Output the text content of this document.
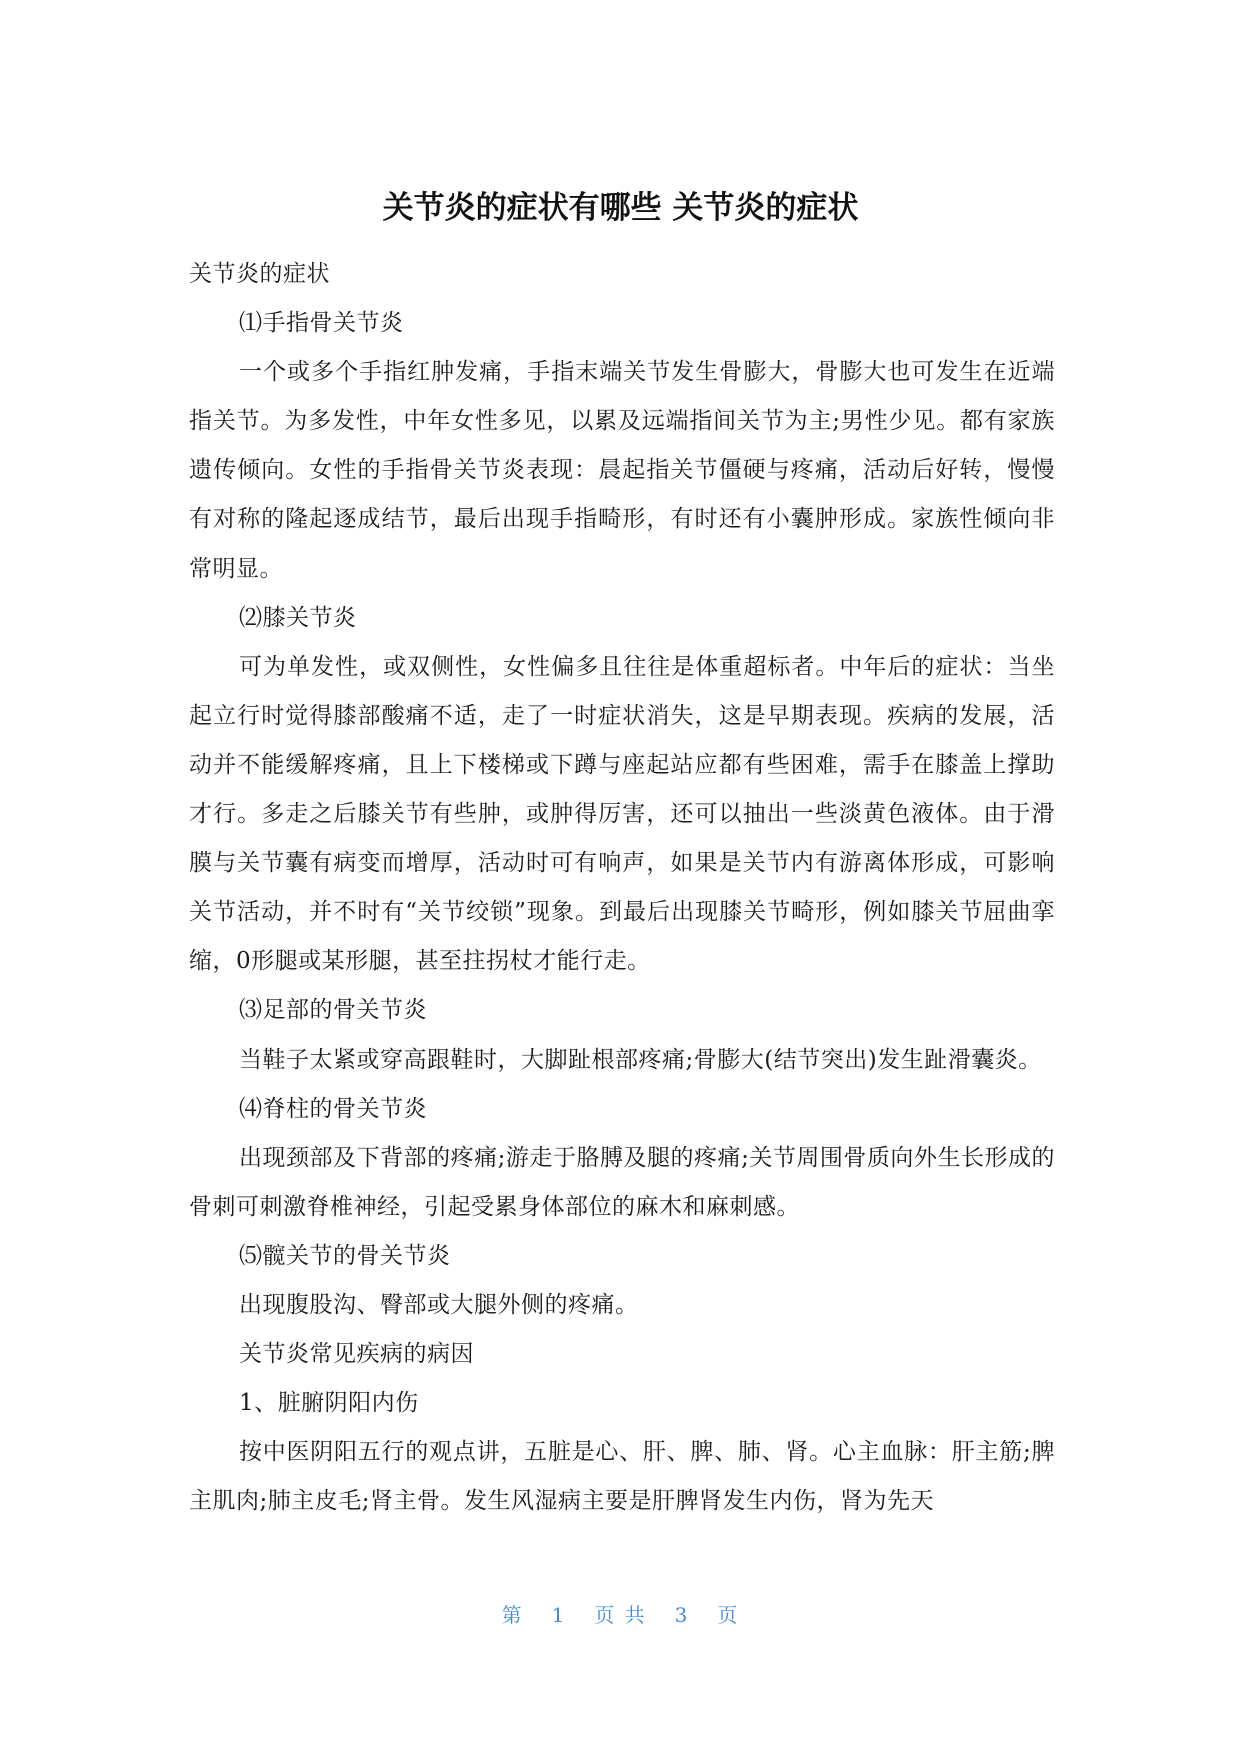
关节炎的症状有哪些 关节炎的症状

关节炎的症状

⑴手指骨关节炎

一个或多个手指红肿发痛，手指末端关节发生骨膨大，骨膨大也可发生在近端指关节。为多发性，中年女性多见，以累及远端指间关节为主;男性少见。都有家族遗传倾向。女性的手指骨关节炎表现：晨起指关节僵硬与疼痛，活动后好转，慢慢有对称的隆起逐成结节，最后出现手指畸形，有时还有小囊肿形成。家族性倾向非常明显。

⑵膝关节炎

可为单发性，或双侧性，女性偏多且往往是体重超标者。中年后的症状：当坐起立行时觉得膝部酸痛不适，走了一时症状消失，这是早期表现。疾病的发展，活动并不能缓解疼痛，且上下楼梯或下蹲与座起站应都有些困难，需手在膝盖上撑助才行。多走之后膝关节有些肿，或肿得厉害，还可以抽出一些淡黄色液体。由于滑膜与关节囊有病变而增厚，活动时可有响声，如果是关节内有游离体形成，可影响关节活动，并不时有“关节绞锁”现象。到最后出现膝关节畸形，例如膝关节屈曲挛缩，0形腿或某形腿，甚至拄拐杖才能行走。

⑶足部的骨关节炎

当鞋子太紧或穿高跟鞋时，大脚趾根部疼痛;骨膨大(结节突出)发生趾滑囊炎。

⑷脊柱的骨关节炎

出现颈部及下背部的疼痛;游走于胳膊及腿的疼痛;关节周围骨质向外生长形成的骨刺可刺激脊椎神经，引起受累身体部位的麻木和麻刺感。

⑸髋关节的骨关节炎

出现腹股沟、臀部或大腿外侧的疼痛。

关节炎常见疾病的病因

1、脏腑阴阳内伤

按中医阴阳五行的观点讲，五脏是心、肝、脾、肺、肾。心主血脉：肝主筋;脾主肌肉;肺主皮毛;肾主骨。发生风湿病主要是肝脾肾发生内伤，肾为先天

第 1 页 共 3 页
